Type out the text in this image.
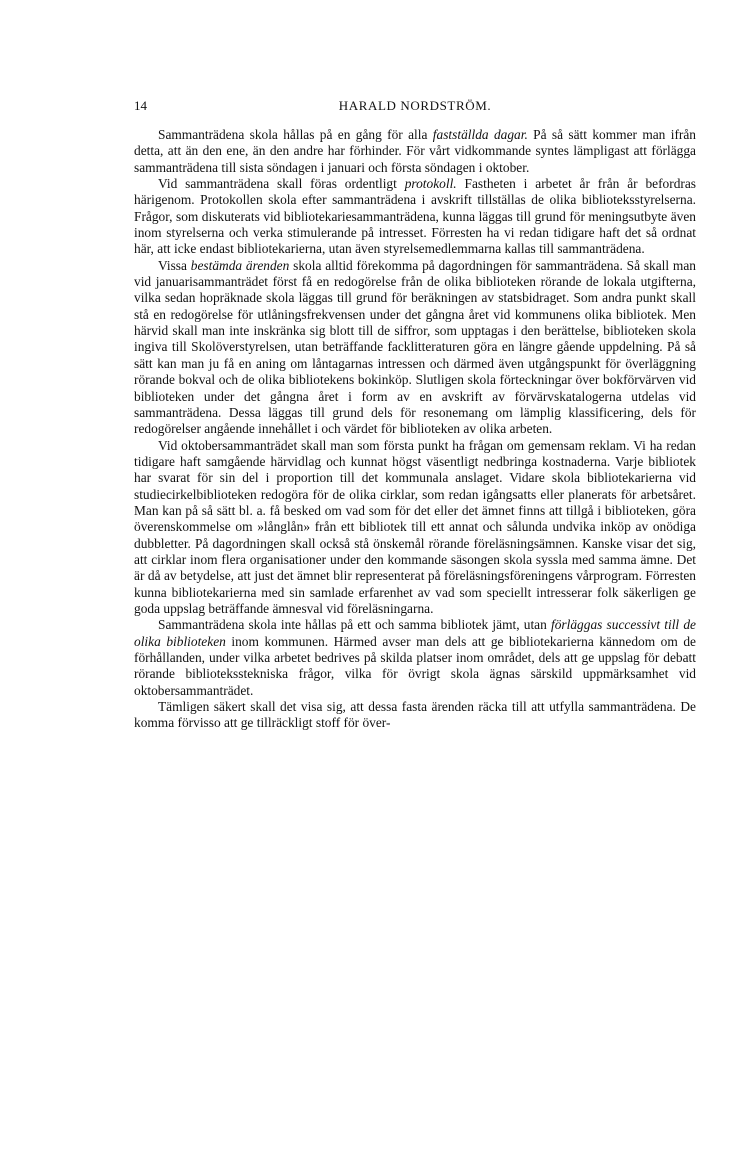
14	HARALD NORDSTRÖM.

Sammanträdena skola hållas på en gång för alla fastställda dagar. På så sätt kommer man ifrån detta, att än den ene, än den andre har förhinder. För vårt vidkommande syntes lämpligast att förlägga sammanträdena till sista söndagen i januari och första söndagen i oktober.

Vid sammanträdena skall föras ordentligt protokoll. Fastheten i arbetet år från år befordras härigenom. Protokollen skola efter sammanträdena i avskrift tillställas de olika biblioteksstyrelserna. Frågor, som diskuterats vid bibliotekariesammanträdena, kunna läggas till grund för meningsutbyte även inom styrelserna och verka stimulerande på intresset. Förresten ha vi redan tidigare haft det så ordnat här, att icke endast bibliotekarierna, utan även styrelsemedlemmarna kallas till sammanträdena.

Vissa bestämda ärenden skola alltid förekomma på dagordningen för sammanträdena. Så skall man vid januarisammanträdet först få en redogörelse från de olika biblioteken rörande de lokala utgifterna, vilka sedan hopräknade skola läggas till grund för beräkningen av statsbidraget. Som andra punkt skall stå en redogörelse för utlåningsfrekvensen under det gångna året vid kommunens olika bibliotek. Men härvid skall man inte inskränka sig blott till de siffror, som upptagas i den berättelse, biblioteken skola ingiva till Skolöverstyrelsen, utan beträffande facklitteraturen göra en längre gående uppdelning. På så sätt kan man ju få en aning om låntagarnas intressen och därmed även utgångspunkt för överläggning rörande bokval och de olika bibliotekens bokinköp. Slutligen skola förteckningar över bokförvärven vid biblioteken under det gångna året i form av en avskrift av förvärvskatalogerna utdelas vid sammanträdena. Dessa läggas till grund dels för resonemang om lämplig klassificering, dels för redogörelser angående innehållet i och värdet för biblioteken av olika arbeten.

Vid oktobersammanträdet skall man som första punkt ha frågan om gemensam reklam. Vi ha redan tidigare haft samgående härvidlag och kunnat högst väsentligt nedbringa kostnaderna. Varje bibliotek har svarat för sin del i proportion till det kommunala anslaget. Vidare skola bibliotekarierna vid studiecirkelbiblioteken redogöra för de olika cirklar, som redan igångsatts eller planerats för arbetsåret. Man kan på så sätt bl. a. få besked om vad som för det eller det ämnet finns att tillgå i biblioteken, göra överenskommelse om »långlån» från ett bibliotek till ett annat och sålunda undvika inköp av onödiga dubbletter. På dagordningen skall också stå önskemål rörande föreläsningsämnen. Kanske visar det sig, att cirklar inom flera organisationer under den kommande säsongen skola syssla med samma ämne. Det är då av betydelse, att just det ämnet blir representerat på föreläsningsföreningens vårprogram. Förresten kunna bibliotekarierna med sin samlade erfarenhet av vad som speciellt intresserar folk säkerligen ge goda uppslag beträffande ämnesval vid föreläsningarna.

Sammanträdena skola inte hållas på ett och samma bibliotek jämt, utan förläggas successivt till de olika biblioteken inom kommunen. Härmed avser man dels att ge bibliotekarierna kännedom om de förhållanden, under vilka arbetet bedrives på skilda platser inom området, dels att ge uppslag för debatt rörande biblioteksstekniska frågor, vilka för övrigt skola ägnas särskild uppmärksamhet vid oktobersammanträdet.

Tämligen säkert skall det visa sig, att dessa fasta ärenden räcka till att utfylla sammanträdena. De komma förvisso att ge tillräckligt stoff för över-
